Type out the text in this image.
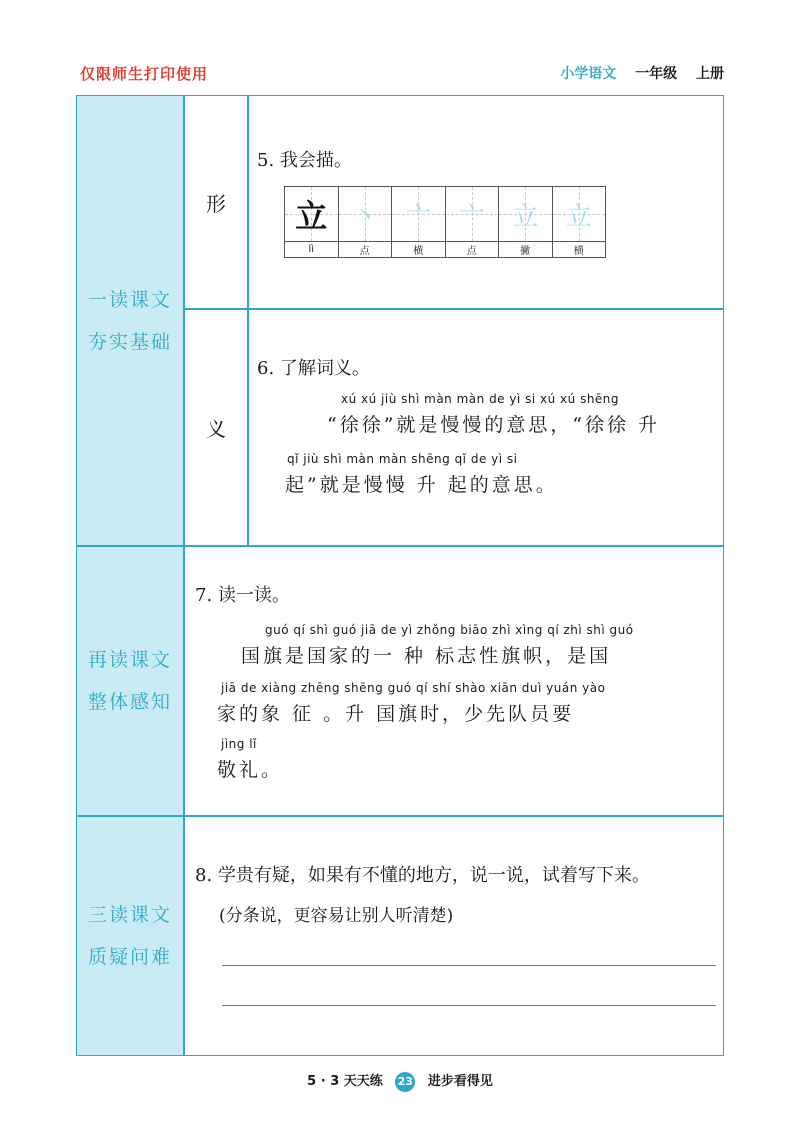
仅限师生打印使用	小学语文 一年级 上册
一读课文
夯实基础
形
5. 我会描。
立
lì
丶
点
亠
横
亠
点
立
撇
立
横
义
6. 了解词义。
xú xú jiù shì màn màn de yì si xú xú shēng
“徐徐”就是慢慢的意思，“徐徐 升
qǐ jiù shì màn màn shēng qǐ de yì si
起”就是慢慢 升 起的意思。
再读课文
整体感知
7. 读一读。
guó qí shì guó jiā de yì zhǒng biāo zhì xìng qí zhì shì guó
国旗是国家的一 种 标志性旗帜，是国
jiā de xiàng zhēng shēng guó qí shí shào xiān duì yuán yào
家的象 征 。升 国旗时，少先队员要
jìng lǐ
敬礼。
三读课文
质疑问难
8. 学贵有疑，如果有不懂的地方，说一说，试着写下来。
(分条说，更容易让别人听清楚)
5 · 3 天天练 23 进步看得见
